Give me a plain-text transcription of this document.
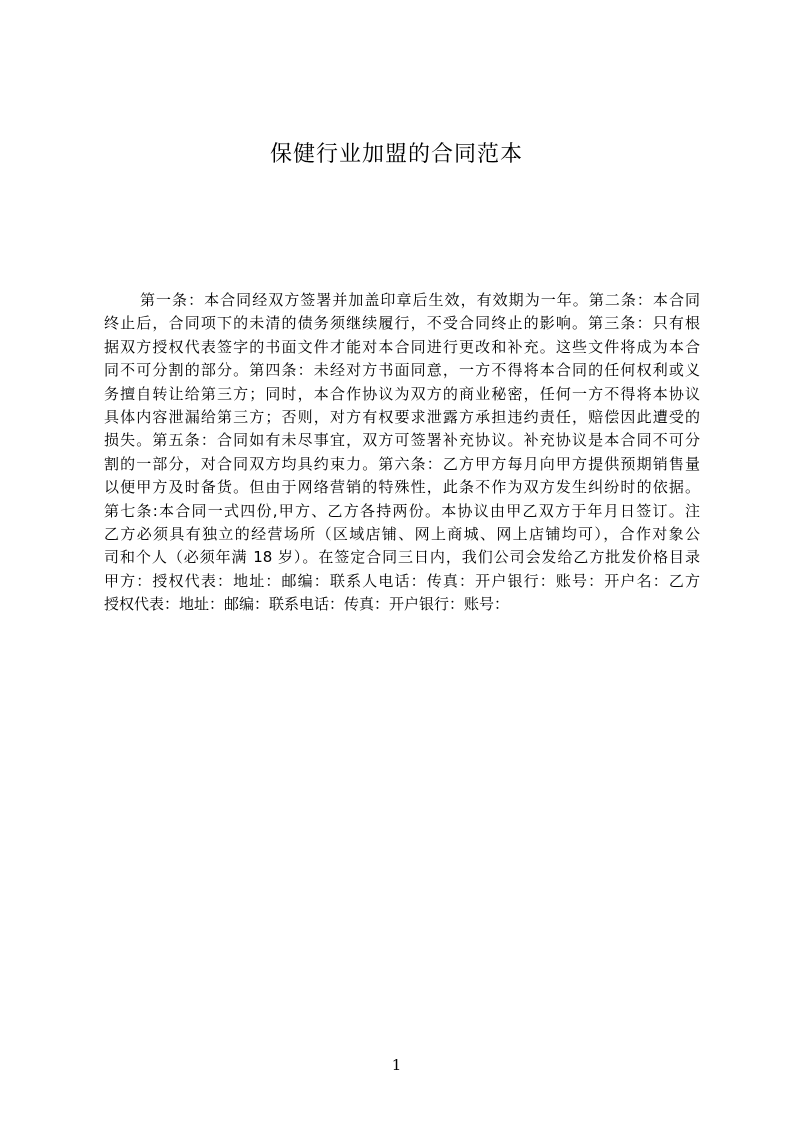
保健行业加盟的合同范本
第一条：本合同经双方签署并加盖印章后生效，有效期为一年。第二条：本合同
终止后，合同项下的未清的债务须继续履行，不受合同终止的影响。第三条：只有根
据双方授权代表签字的书面文件才能对本合同进行更改和补充。这些文件将成为本合
同不可分割的部分。第四条：未经对方书面同意，一方不得将本合同的任何权利或义
务擅自转让给第三方；同时，本合作协议为双方的商业秘密，任何一方不得将本协议
具体内容泄漏给第三方；否则，对方有权要求泄露方承担违约责任，赔偿因此遭受的
损失。第五条：合同如有未尽事宜，双方可签署补充协议。补充协议是本合同不可分
割的一部分，对合同双方均具约束力。第六条：乙方甲方每月向甲方提供预期销售量
以便甲方及时备货。但由于网络营销的特殊性，此条不作为双方发生纠纷时的依据。
第七条:本合同一式四份,甲方、乙方各持两份。本协议由甲乙双方于年月日签订。注
乙方必须具有独立的经营场所（区域店铺、网上商城、网上店铺均可），合作对象公
司和个人（必须年满 18 岁）。在签定合同三日内，我们公司会发给乙方批发价格目录
甲方：授权代表：地址：邮编：联系人电话：传真：开户银行：账号：开户名：乙方
授权代表：地址：邮编：联系电话：传真：开户银行：账号：
1
